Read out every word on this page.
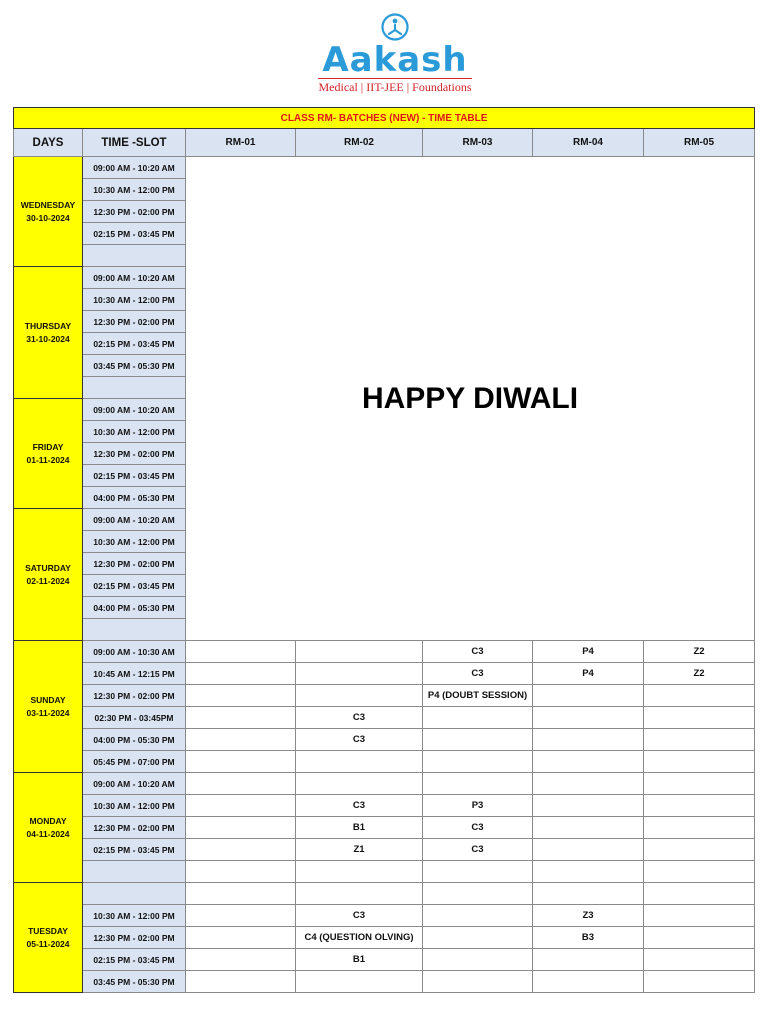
Aakash
Medical | IIT-JEE | Foundations
CLASS RM- BATCHES (NEW) - TIME TABLE						
DAYS	TIME -SLOT	RM-01	RM-02	RM-03	RM-04	RM-05
WEDNESDAY
30-10-2024	09:00 AM - 10:20 AM	HAPPY DIWALI				
	10:30 AM - 12:00 PM					
	12:30 PM - 02:00 PM					
	02:15 PM - 03:45 PM					

THURSDAY
31-10-2024	09:00 AM - 10:20 AM					
	10:30 AM - 12:00 PM					
	12:30 PM - 02:00 PM					
	02:15 PM - 03:45 PM					
	03:45 PM - 05:30 PM					

FRIDAY
01-11-2024	09:00 AM - 10:20 AM					
	10:30 AM - 12:00 PM					
	12:30 PM - 02:00 PM					
	02:15 PM - 03:45 PM					
	04:00 PM - 05:30 PM					
SATURDAY
02-11-2024	09:00 AM - 10:20 AM					
	10:30 AM - 12:00 PM					
	12:30 PM - 02:00 PM					
	02:15 PM - 03:45 PM					
	04:00 PM - 05:30 PM					

SUNDAY
03-11-2024	09:00 AM - 10:30 AM			C3	P4	Z2
	10:45 AM - 12:15 PM			C3	P4	Z2
	12:30 PM - 02:00 PM			P4 (DOUBT SESSION)		
	02:30 PM - 03:45PM		C3			
	04:00 PM - 05:30 PM		C3			
	05:45 PM - 07:00 PM					
MONDAY
04-11-2024	09:00 AM - 10:20 AM					
	10:30 AM - 12:00 PM		C3	P3		
	12:30 PM - 02:00 PM		B1	C3		
	02:15 PM - 03:45 PM		Z1	C3		

TUESDAY
05-11-2024						
	10:30 AM - 12:00 PM		C3		Z3	
	12:30 PM - 02:00 PM		C4 (QUESTION OLVING)		B3	
	02:15 PM - 03:45 PM		B1			
	03:45 PM - 05:30 PM					
